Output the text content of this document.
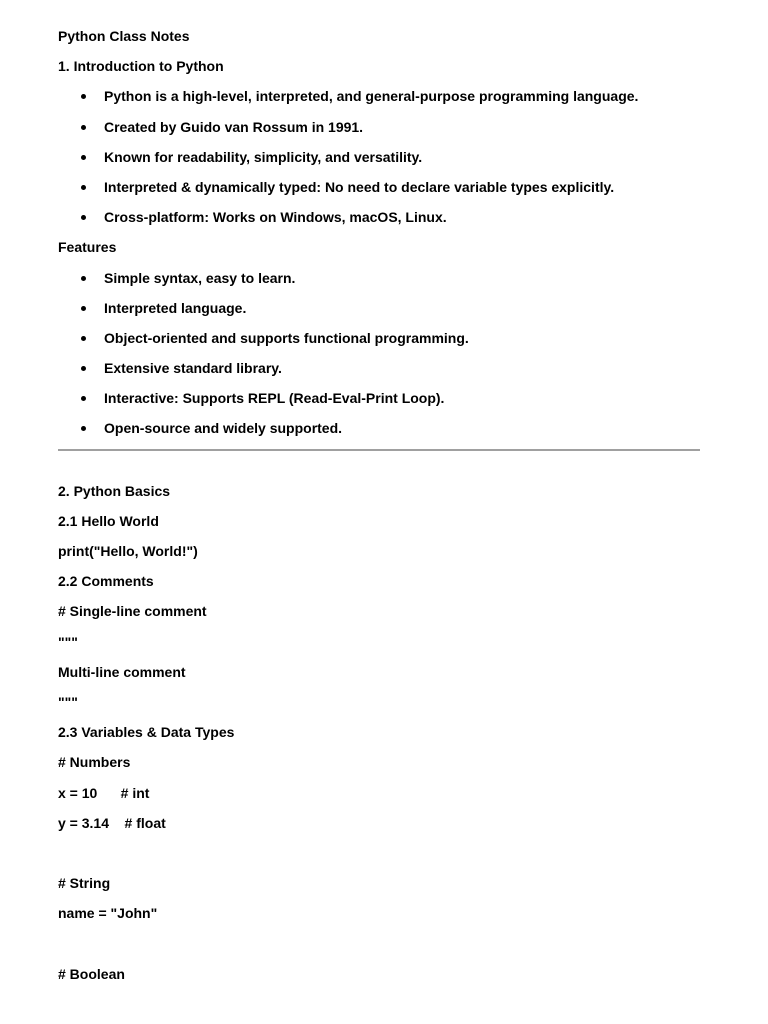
Python Class Notes

1. Introduction to Python

Python is a high-level, interpreted, and general-purpose programming language.
Created by Guido van Rossum in 1991.
Known for readability, simplicity, and versatility.
Interpreted & dynamically typed: No need to declare variable types explicitly.
Cross-platform: Works on Windows, macOS, Linux.

Features

Simple syntax, easy to learn.
Interpreted language.
Object-oriented and supports functional programming.
Extensive standard library.
Interactive: Supports REPL (Read-Eval-Print Loop).
Open-source and widely supported.

2. Python Basics

2.1 Hello World

print("Hello, World!")

2.2 Comments

# Single-line comment

"""

Multi-line comment

"""

2.3 Variables & Data Types

# Numbers

x = 10      # int

y = 3.14    # float

# String

name = "John"

# Boolean
